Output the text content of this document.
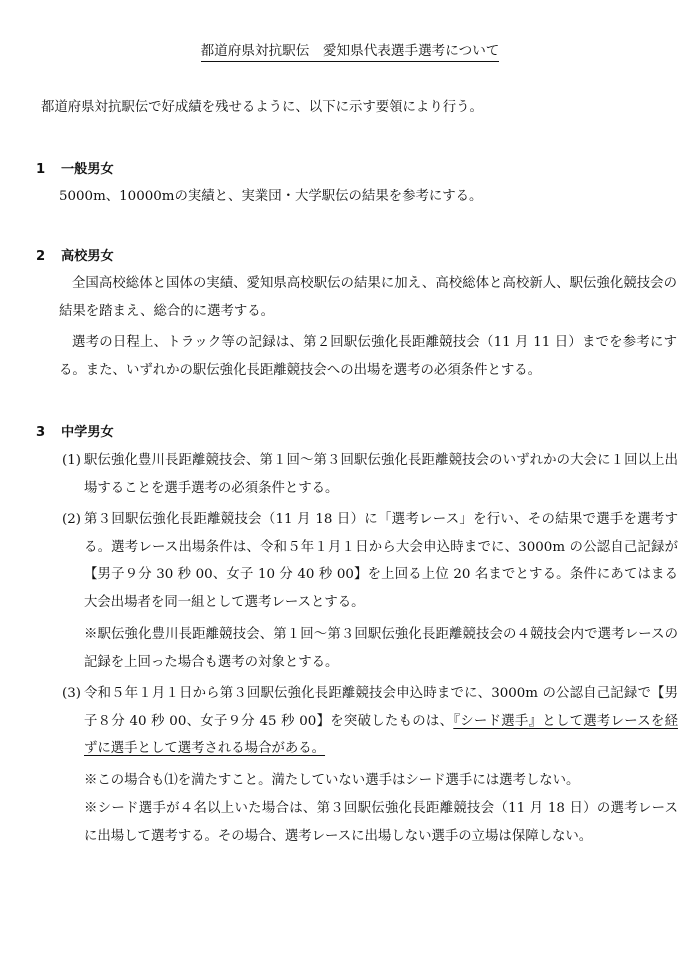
都道府県対抗駅伝　愛知県代表選手選考について
都道府県対抗駅伝で好成績を残せるように、以下に示す要領により行う。
1 一般男女
5000m、10000mの実績と、実業団・大学駅伝の結果を参考にする。
2 高校男女
全国高校総体と国体の実績、愛知県高校駅伝の結果に加え、高校総体と高校新人、駅伝強化競技会の結果を踏まえ、総合的に選考する。
選考の日程上、トラック等の記録は、第２回駅伝強化長距離競技会（11 月 11 日）までを参考にする。また、いずれかの駅伝強化長距離競技会への出場を選考の必須条件とする。
3 中学男女
(1) 駅伝強化豊川長距離競技会、第１回～第３回駅伝強化長距離競技会のいずれかの大会に１回以上出場することを選手選考の必須条件とする。
(2) 第３回駅伝強化長距離競技会（11 月 18 日）に「選考レース」を行い、その結果で選手を選考する。選考レース出場条件は、令和５年１月１日から大会申込時までに、3000m の公認自己記録が【男子９分 30 秒 00、女子 10 分 40 秒 00】を上回る上位 20 名までとする。条件にあてはまる大会出場者を同一組として選考レースとする。
※駅伝強化豊川長距離競技会、第１回～第３回駅伝強化長距離競技会の４競技会内で選考レースの記録を上回った場合も選考の対象とする。
(3) 令和５年１月１日から第３回駅伝強化長距離競技会申込時までに、3000m の公認自己記録で【男子８分 40 秒 00、女子９分 45 秒 00】を突破したものは、『シード選手』として選考レースを経ずに選手として選考される場合がある。
※この場合も⑴を満たすこと。満たしていない選手はシード選手には選考しない。
※シード選手が４名以上いた場合は、第３回駅伝強化長距離競技会（11 月 18 日）の選考レースに出場して選考する。その場合、選考レースに出場しない選手の立場は保障しない。
